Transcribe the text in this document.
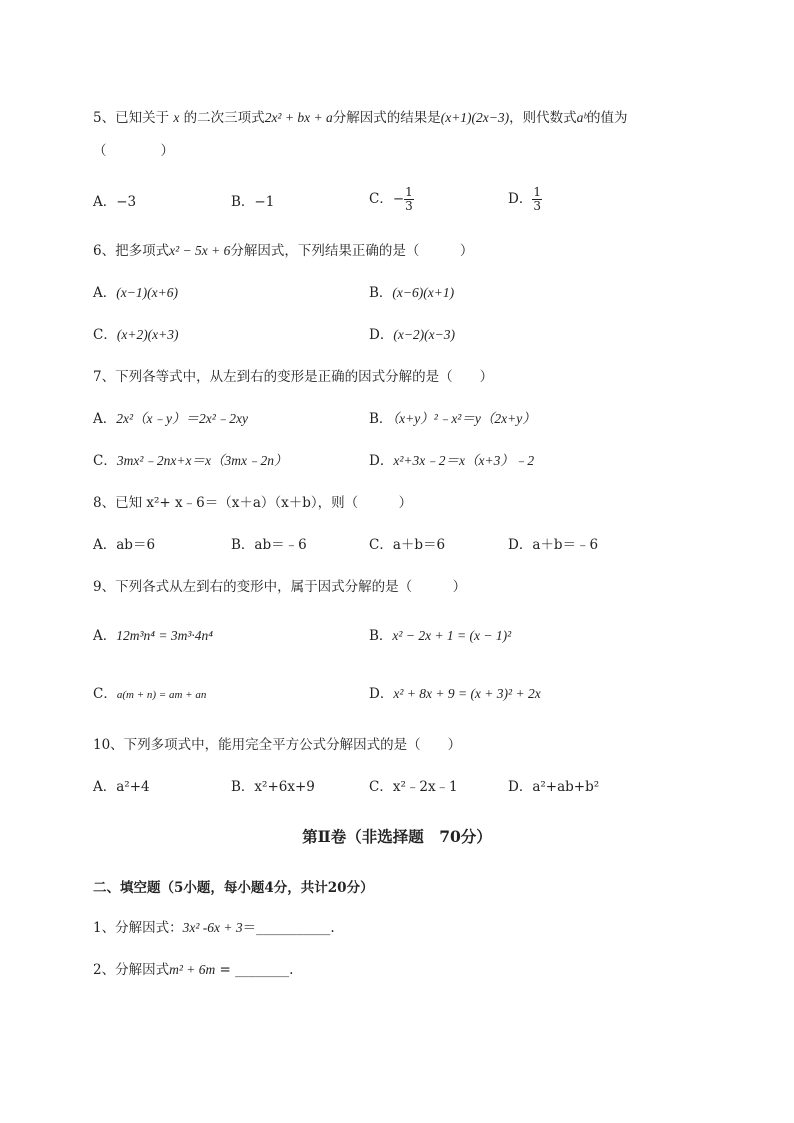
5、已知关于 x 的二次三项式2x² + bx + a分解因式的结果是(x+1)(2x−3)，则代数式aᵇ的值为
（　　　　）
A．−3	B．−1	C．− $\frac{1}{3}$	D． $\frac{1}{3}$
6、把多项式x² − 5x + 6分解因式，下列结果正确的是（　　　）
A．(x−1)(x+6)	B．(x−6)(x+1)
C．(x+2)(x+3)	D．(x−2)(x−3)
7、下列各等式中，从左到右的变形是正确的因式分解的是（　　）
A．2x²（x﹣y）＝2x²﹣2xy	B．（x+y）²﹣x²＝y（2x+y）
C．3mx²﹣2nx+x＝x（3mx﹣2n）	D．x²+3x﹣2＝x（x+3）﹣2
8、已知 x²+ x﹣6＝（x＋a）（x＋b），则（　　　）
A．ab＝6	B．ab＝﹣6	C．a＋b＝6	D．a＋b＝﹣6
9、下列各式从左到右的变形中，属于因式分解的是（　　　）
A．12m³n⁴ = 3m³·4n⁴	B．x² − 2x + 1 = (x − 1)²
C．a(m + n) = am + an	D．x² + 8x + 9 = (x + 3)² + 2x
10、下列多项式中，能用完全平方公式分解因式的是（　　）
A．a²+4	B．x²+6x+9	C．x²﹣2x﹣1	D．a²+ab+b²
第Ⅱ卷（非选择题　70分）
二、填空题（5小题，每小题4分，共计20分）
1、分解因式：3x² -6x + 3＝___________.
2、分解因式m² + 6m = ________.
